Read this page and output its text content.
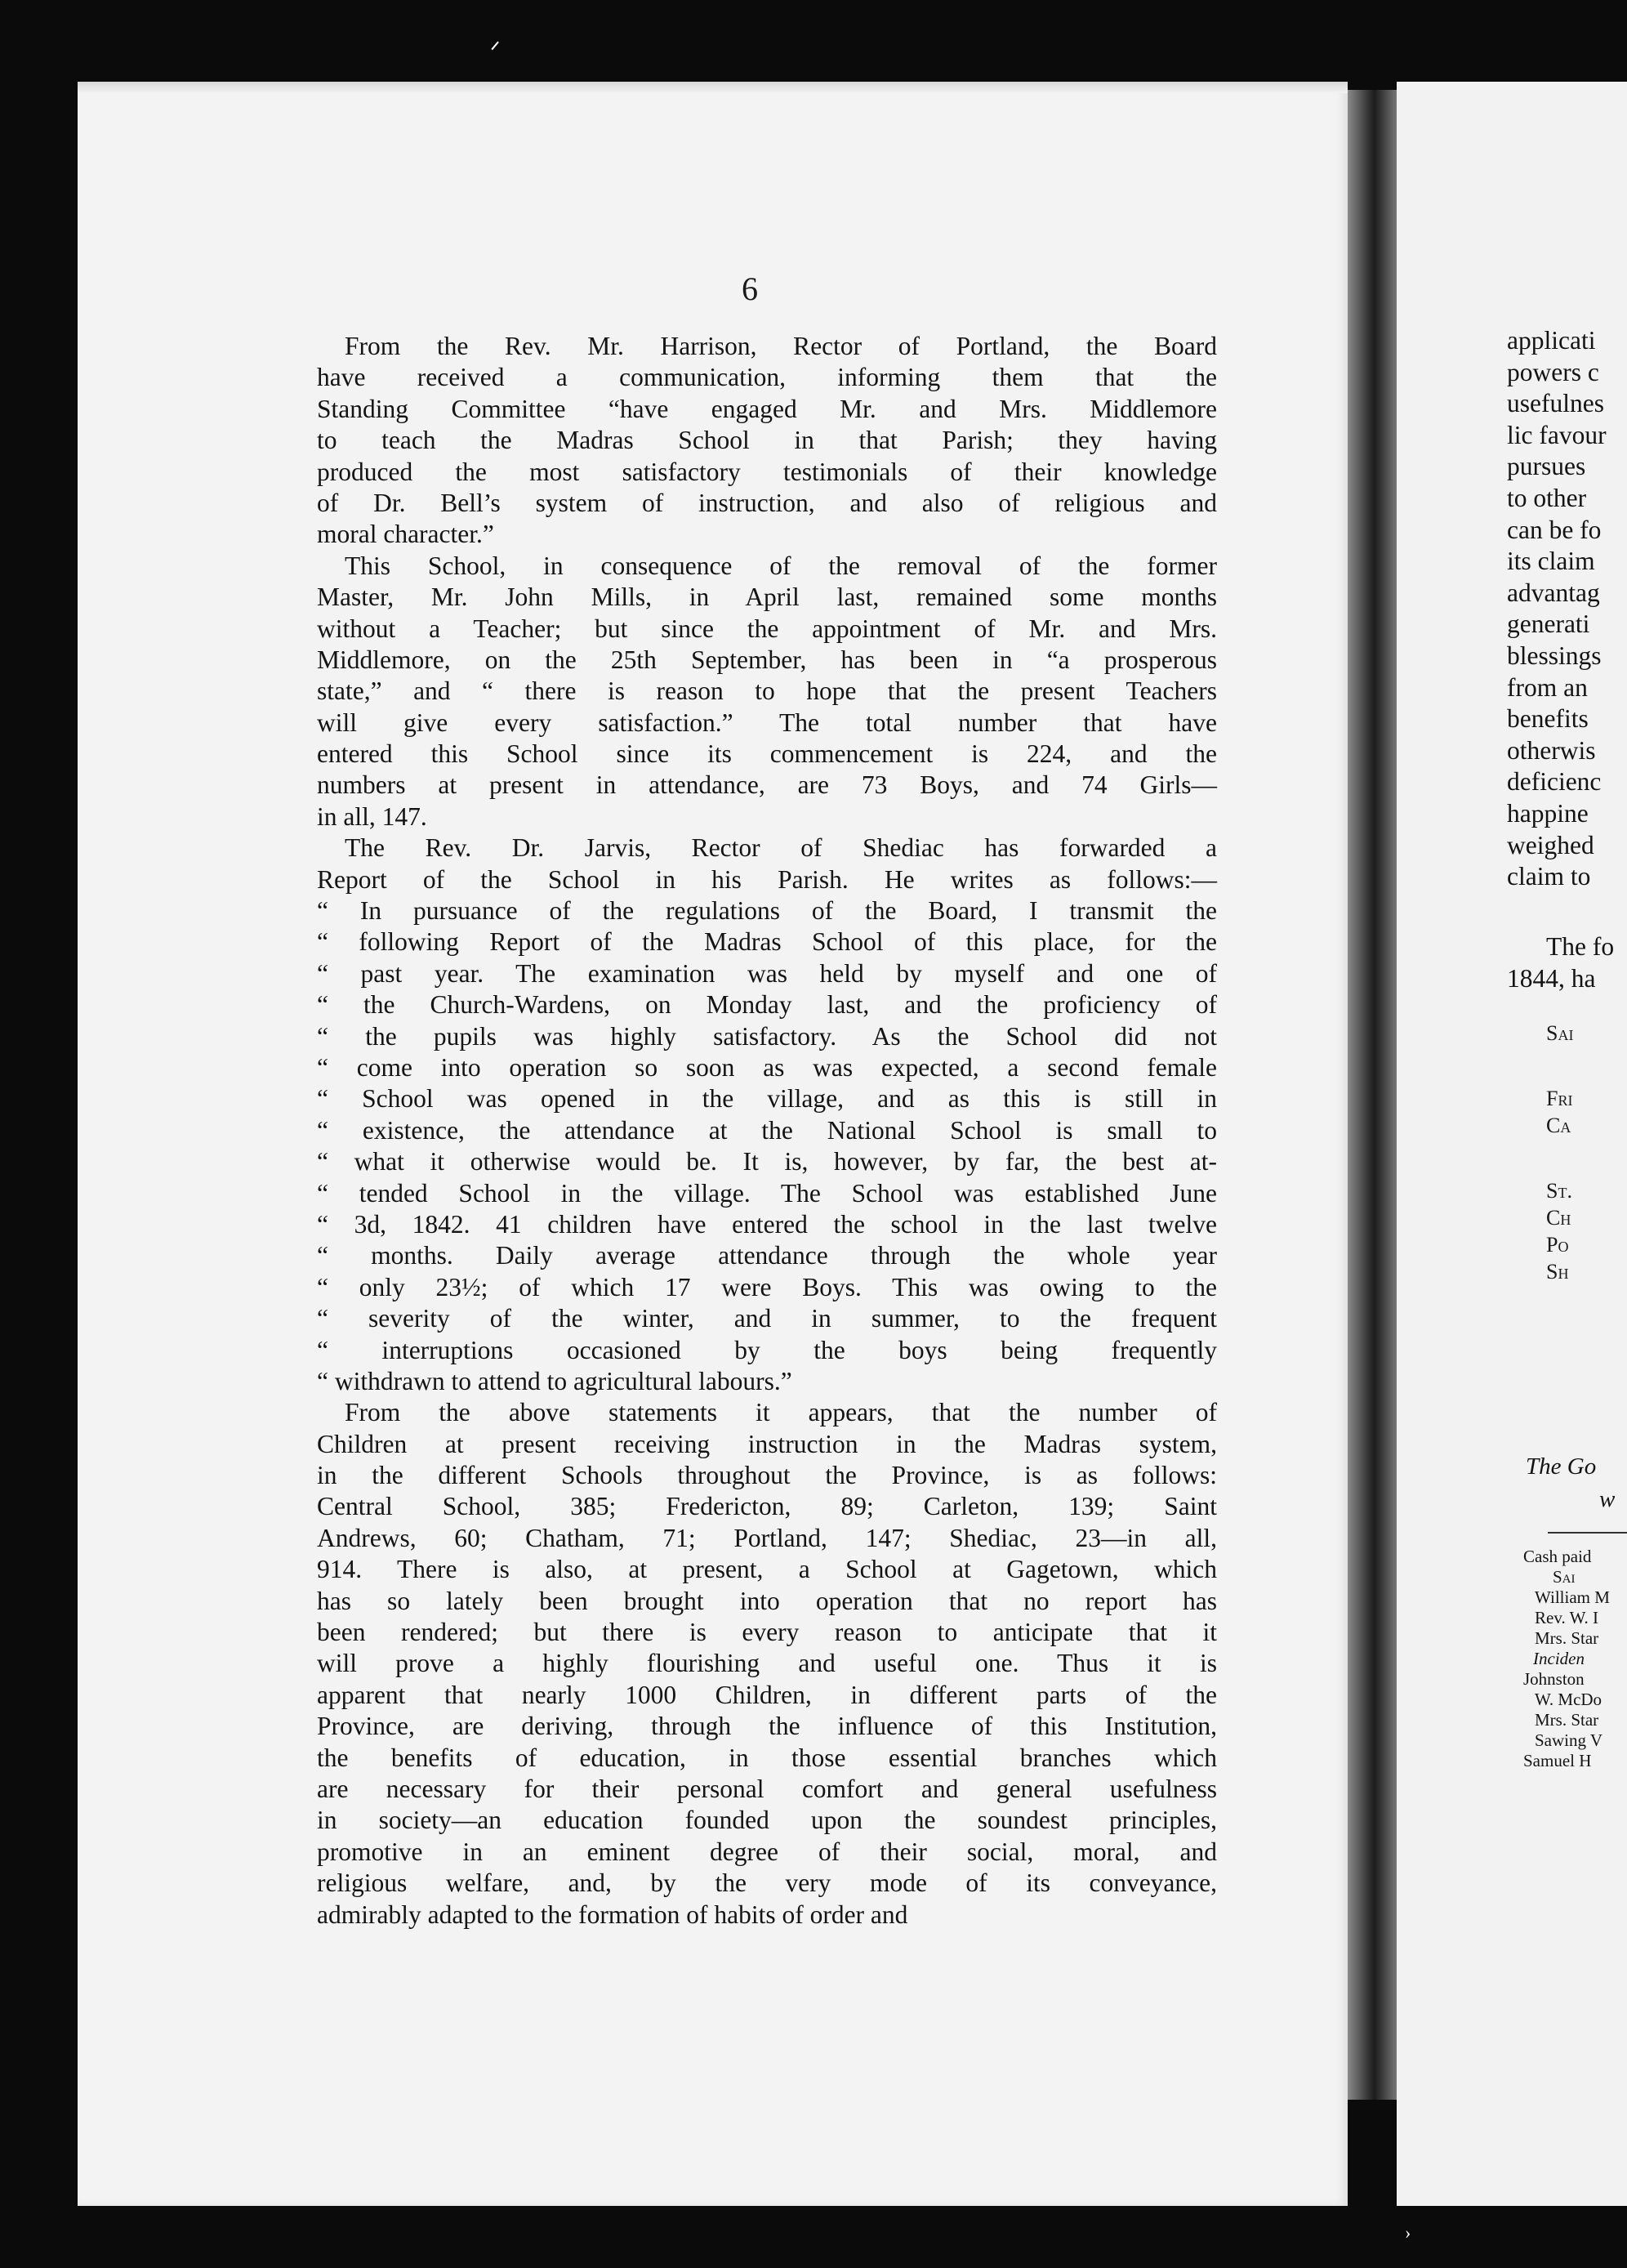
6
From the Rev. Mr. Harrison, Rector of Portland, the Board
have received a communication, informing them that the
Standing Committee “have engaged Mr. and Mrs. Middlemore
to teach the Madras School in that Parish; they having
produced the most satisfactory testimonials of their knowledge
of Dr. Bell’s system of instruction, and also of religious and
moral character.”
This School, in consequence of the removal of the former
Master, Mr. John Mills, in April last, remained some months
without a Teacher; but since the appointment of Mr. and Mrs.
Middlemore, on the 25th September, has been in “a prosperous
state,” and “ there is reason to hope that the present Teachers
will give every satisfaction.” The total number that have
entered this School since its commencement is 224, and the
numbers at present in attendance, are 73 Boys, and 74 Girls—
in all, 147.
The Rev. Dr. Jarvis, Rector of Shediac has forwarded a
Report of the School in his Parish. He writes as follows:—
“ In pursuance of the regulations of the Board, I transmit the
“ following Report of the Madras School of this place, for the
“ past year. The examination was held by myself and one of
“ the Church-Wardens, on Monday last, and the proficiency of
“ the pupils was highly satisfactory. As the School did not
“ come into operation so soon as was expected, a second female
“ School was opened in the village, and as this is still in
“ existence, the attendance at the National School is small to
“ what it otherwise would be. It is, however, by far, the best at-
“ tended School in the village. The School was established June
“ 3d, 1842. 41 children have entered the school in the last twelve
“ months. Daily average attendance through the whole year
“ only 23½; of which 17 were Boys. This was owing to the
“ severity of the winter, and in summer, to the frequent
“ interruptions occasioned by the boys being frequently
“ withdrawn to attend to agricultural labours.”
From the above statements it appears, that the number of
Children at present receiving instruction in the Madras system,
in the different Schools throughout the Province, is as follows:
Central School, 385; Fredericton, 89; Carleton, 139; Saint
Andrews, 60; Chatham, 71; Portland, 147; Shediac, 23—in all,
914. There is also, at present, a School at Gagetown, which
has so lately been brought into operation that no report has
been rendered; but there is every reason to anticipate that it
will prove a highly flourishing and useful one. Thus it is
apparent that nearly 1000 Children, in different parts of the
Province, are deriving, through the influence of this Institution,
the benefits of education, in those essential branches which
are necessary for their personal comfort and general usefulness
in society—an education founded upon the soundest principles,
promotive in an eminent degree of their social, moral, and
religious welfare, and, by the very mode of its conveyance,
admirably adapted to the formation of habits of order and
applicati
powers c
usefulnes
lic favour
pursues
to other
can be fo
its claim
advantag
generati
blessings
from an
benefits
otherwis
deficienc
happine
weighed
claim to
The fo
1844, ha
Sai
Fri
Ca
St.
Ch
Po
Sh
The Go
w
Cash paid
Sai
William M
Rev. W. I
Mrs. Star
Inciden
Johnston
W. McDo
Mrs. Star
Sawing V
Samuel H
ᐟ
›
